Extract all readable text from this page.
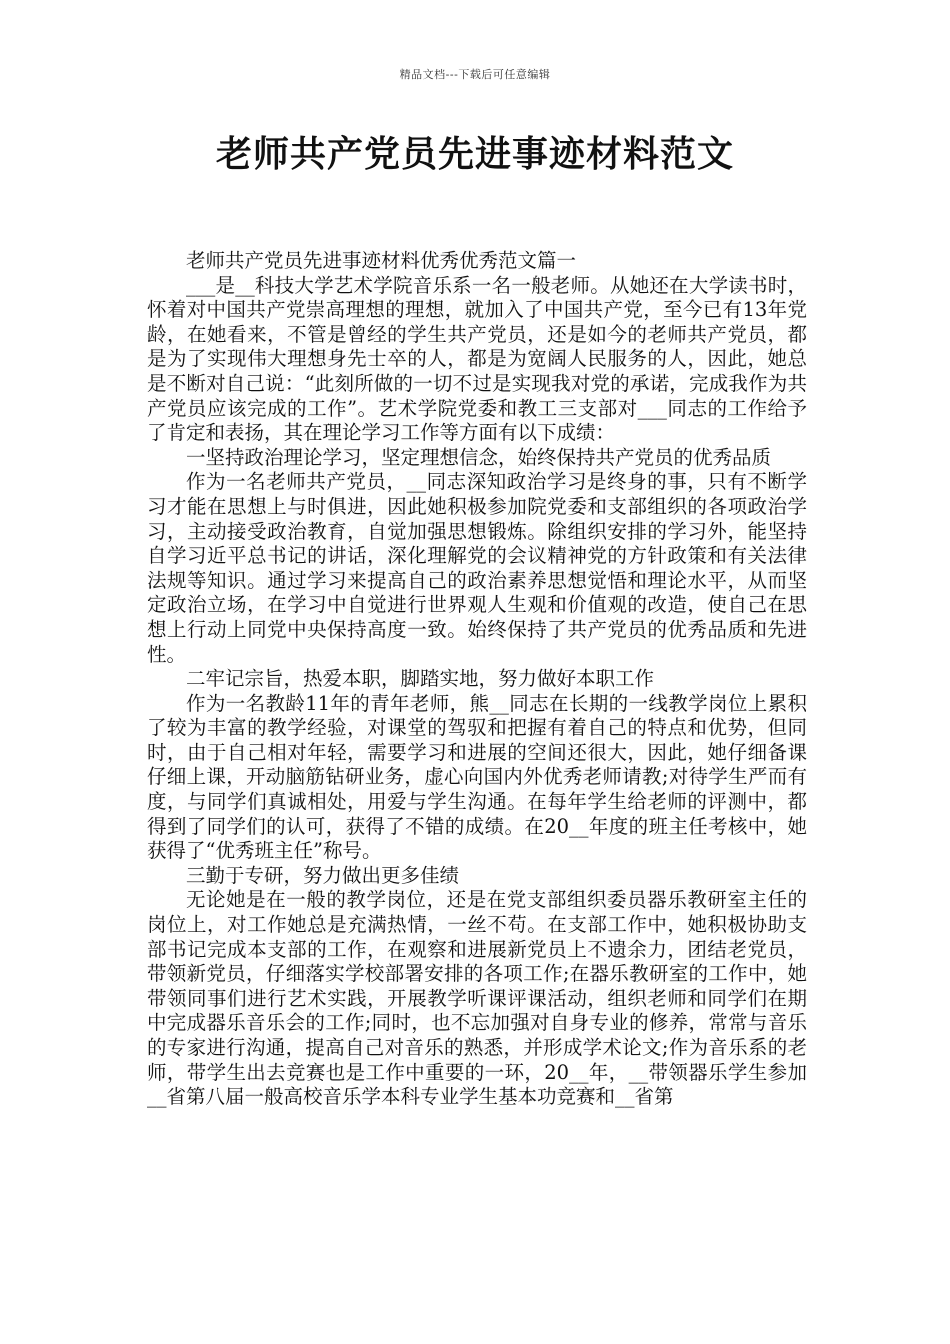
精品文档---下载后可任意编辑
老师共产党员先进事迹材料范文

老师共产党员先进事迹材料优秀优秀范文篇一

___是__科技大学艺术学院音乐系一名一般老师。从她还在大学读书时，怀着对中国共产党崇高理想的理想，就加入了中国共产党，至今已有13年党龄，在她看来，不管是曾经的学生共产党员，还是如今的老师共产党员，都是为了实现伟大理想身先士卒的人，都是为宽阔人民服务的人，因此，她总是不断对自己说：“此刻所做的一切不过是实现我对党的承诺，完成我作为共产党员应该完成的工作”。艺术学院党委和教工三支部对___同志的工作给予了肯定和表扬，其在理论学习工作等方面有以下成绩：

一坚持政治理论学习，坚定理想信念，始终保持共产党员的优秀品质

作为一名老师共产党员，__同志深知政治学习是终身的事，只有不断学习才能在思想上与时俱进，因此她积极参加院党委和支部组织的各项政治学习，主动接受政治教育，自觉加强思想锻炼。除组织安排的学习外，能坚持自学习近平总书记的讲话，深化理解党的会议精神党的方针政策和有关法律法规等知识。通过学习来提高自己的政治素养思想觉悟和理论水平，从而坚定政治立场，在学习中自觉进行世界观人生观和价值观的改造，使自己在思想上行动上同党中央保持高度一致。始终保持了共产党员的优秀品质和先进性。

二牢记宗旨，热爱本职，脚踏实地，努力做好本职工作

作为一名教龄11年的青年老师，熊__同志在长期的一线教学岗位上累积了较为丰富的教学经验，对课堂的驾驭和把握有着自己的特点和优势，但同时，由于自己相对年轻，需要学习和进展的空间还很大，因此，她仔细备课仔细上课，开动脑筋钻研业务，虚心向国内外优秀老师请教;对待学生严而有度，与同学们真诚相处，用爱与学生沟通。在每年学生给老师的评测中，都得到了同学们的认可，获得了不错的成绩。在20__年度的班主任考核中，她获得了“优秀班主任”称号。

三勤于专研，努力做出更多佳绩

无论她是在一般的教学岗位，还是在党支部组织委员器乐教研室主任的岗位上，对工作她总是充满热情，一丝不苟。在支部工作中，她积极协助支部书记完成本支部的工作，在观察和进展新党员上不遗余力，团结老党员，带领新党员，仔细落实学校部署安排的各项工作;在器乐教研室的工作中，她带领同事们进行艺术实践，开展教学听课评课活动，组织老师和同学们在期中完成器乐音乐会的工作;同时，也不忘加强对自身专业的修养，常常与音乐的专家进行沟通，提高自己对音乐的熟悉，并形成学术论文;作为音乐系的老师，带学生出去竞赛也是工作中重要的一环，20__年，__带领器乐学生参加__省第八届一般高校音乐学本科专业学生基本功竞赛和__省第
